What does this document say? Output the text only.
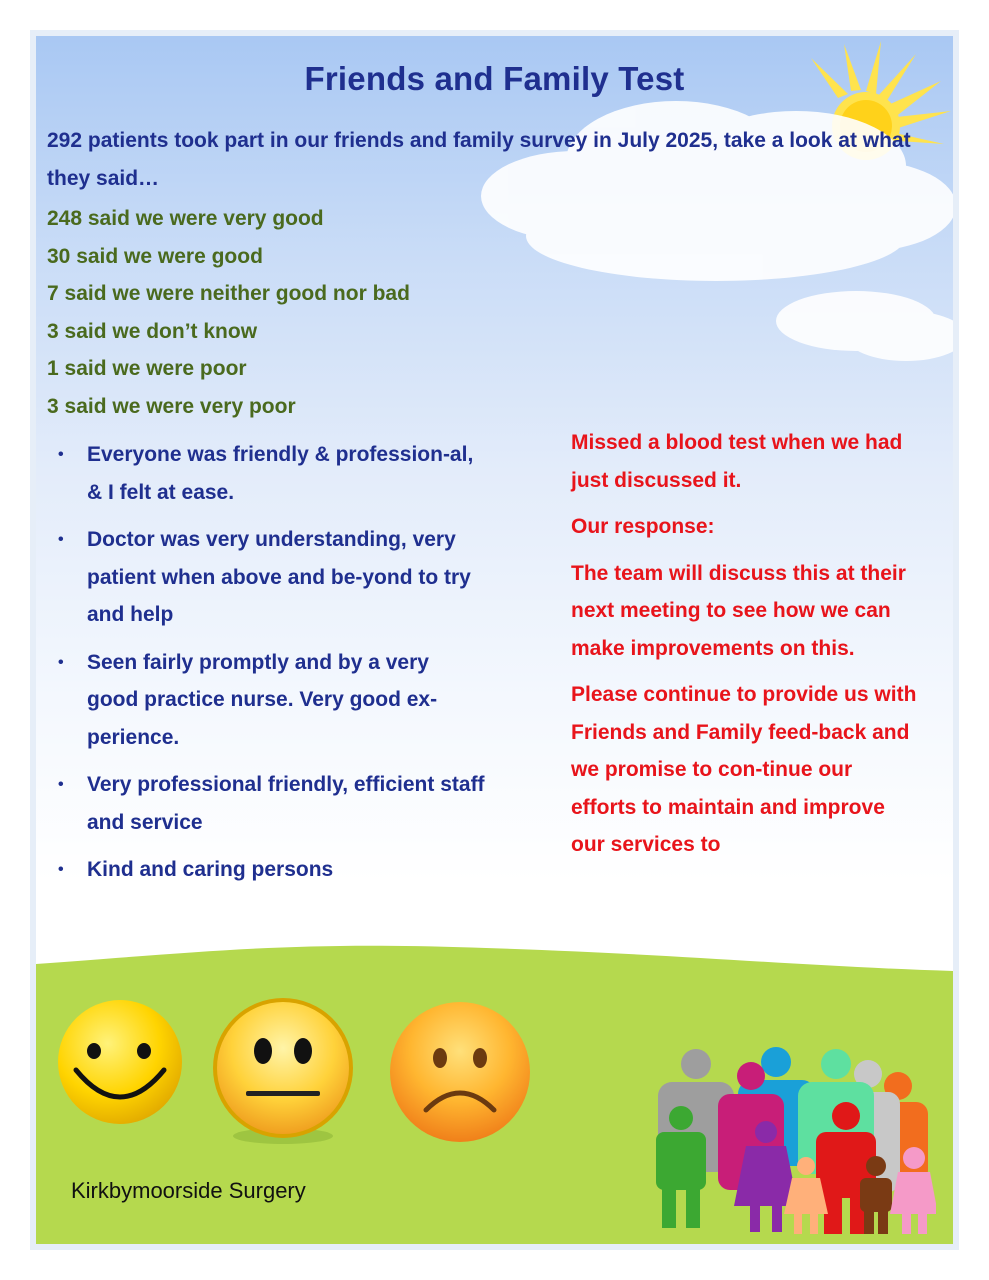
Friends and Family Test
292 patients took part in our friends and family survey in July 2025, take a look at what they said…
248 said we were very good
30 said we were good
7 said we were neither good nor bad
3 said we don’t know
1 said we were poor
3 said we were very poor
• Everyone was friendly & profession-al, & I felt at ease.
• Doctor was very understanding, very patient when above and be-yond to try and help
• Seen fairly promptly and by a very good practice nurse. Very good ex-perience.
• Very professional friendly, efficient staff and service
• Kind and caring persons

Missed a blood test when we had just discussed it.

Our response:

The team will discuss this at their next meeting to see how we can make improvements on this.

Please continue to provide us with Friends and Family feed-back and we promise to con-tinue our efforts to maintain and improve our services to

Kirkbymoorside Surgery
